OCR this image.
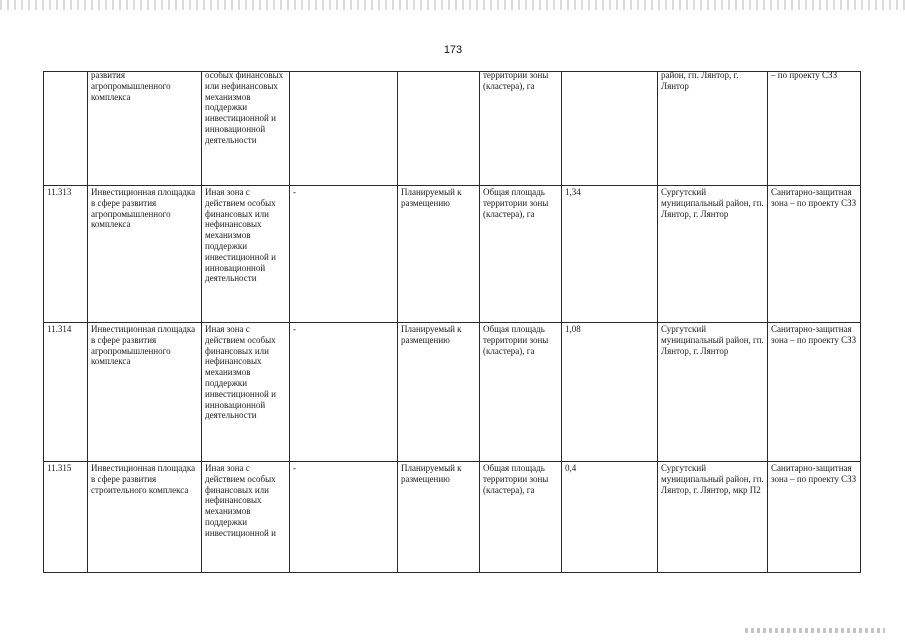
173

	развития агропромышленного комплекса	особых финансовых или нефинансовых механизмов поддержки инвестиционной и инновационной деятельности			территории зоны (кластера), га		район, гп. Лянтор, г. Лянтор	– по проекту СЗЗ

11.313	Инвестиционная площадка в сфере развития агропромышленного комплекса	Иная зона с действием особых финансовых или нефинансовых механизмов поддержки инвестиционной и инновационной деятельности	-	Планируемый к размещению	Общая площадь территории зоны (кластера), га	1,34	Сургутский муниципальный район, гп. Лянтор, г. Лянтор	Санитарно-защитная зона – по проекту СЗЗ

11.314	Инвестиционная площадка в сфере развития агропромышленного комплекса	Иная зона с действием особых финансовых или нефинансовых механизмов поддержки инвестиционной и инновационной деятельности	-	Планируемый к размещению	Общая площадь территории зоны (кластера), га	1,08	Сургутский муниципальный район, гп. Лянтор, г. Лянтор	Санитарно-защитная зона – по проекту СЗЗ

11.315	Инвестиционная площадка в сфере развития строительного комплекса	Иная зона с действием особых финансовых или нефинансовых механизмов поддержки инвестиционной и	-	Планируемый к размещению	Общая площадь территории зоны (кластера), га	0,4	Сургутский муниципальный район, гп. Лянтор, г. Лянтор, мкр П2	Санитарно-защитная зона – по проекту СЗЗ
